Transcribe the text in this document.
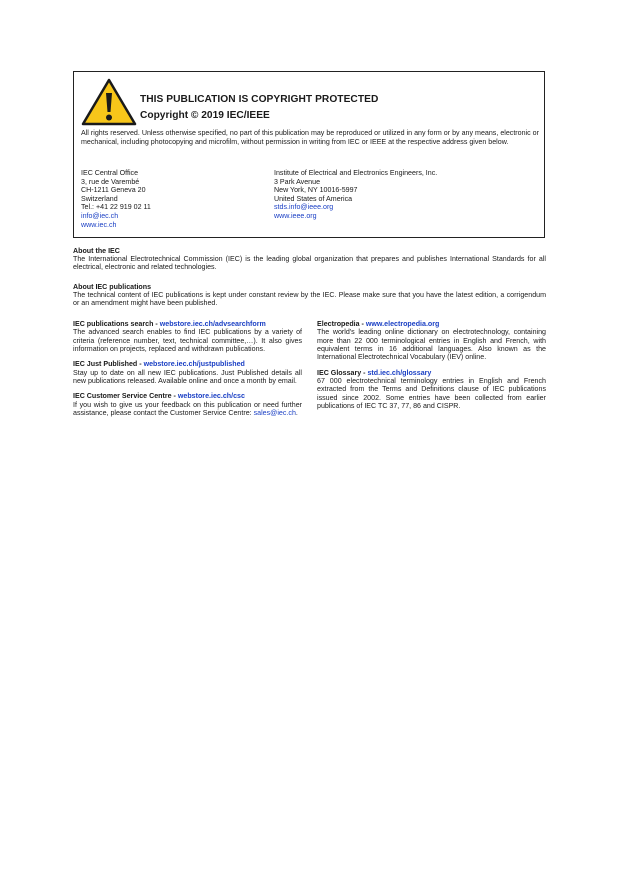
THIS PUBLICATION IS COPYRIGHT PROTECTED
Copyright © 2019 IEC/IEEE
All rights reserved. Unless otherwise specified, no part of this publication may be reproduced or utilized in any form or by any means, electronic or mechanical, including photocopying and microfilm, without permission in writing from IEC or IEEE at the respective address given below.
IEC Central Office
3, rue de Varembé
CH-1211 Geneva 20
Switzerland
Tel.: +41 22 919 02 11
info@iec.ch
www.iec.ch
Institute of Electrical and Electronics Engineers, Inc.
3 Park Avenue
New York, NY 10016-5997
United States of America
stds.info@ieee.org
www.ieee.org
About the IEC
The International Electrotechnical Commission (IEC) is the leading global organization that prepares and publishes International Standards for all electrical, electronic and related technologies.
About IEC publications
The technical content of IEC publications is kept under constant review by the IEC. Please make sure that you have the latest edition, a corrigendum or an amendment might have been published.
IEC publications search - webstore.iec.ch/advsearchform
The advanced search enables to find IEC publications by a variety of criteria (reference number, text, technical committee,…). It also gives information on projects, replaced and withdrawn publications.
IEC Just Published - webstore.iec.ch/justpublished
Stay up to date on all new IEC publications. Just Published details all new publications released. Available online and once a month by email.
IEC Customer Service Centre - webstore.iec.ch/csc
If you wish to give us your feedback on this publication or need further assistance, please contact the Customer Service Centre: sales@iec.ch.
Electropedia - www.electropedia.org
The world's leading online dictionary on electrotechnology, containing more than 22 000 terminological entries in English and French, with equivalent terms in 16 additional languages. Also known as the International Electrotechnical Vocabulary (IEV) online.
IEC Glossary - std.iec.ch/glossary
67 000 electrotechnical terminology entries in English and French extracted from the Terms and Definitions clause of IEC publications issued since 2002. Some entries have been collected from earlier publications of IEC TC 37, 77, 86 and CISPR.
